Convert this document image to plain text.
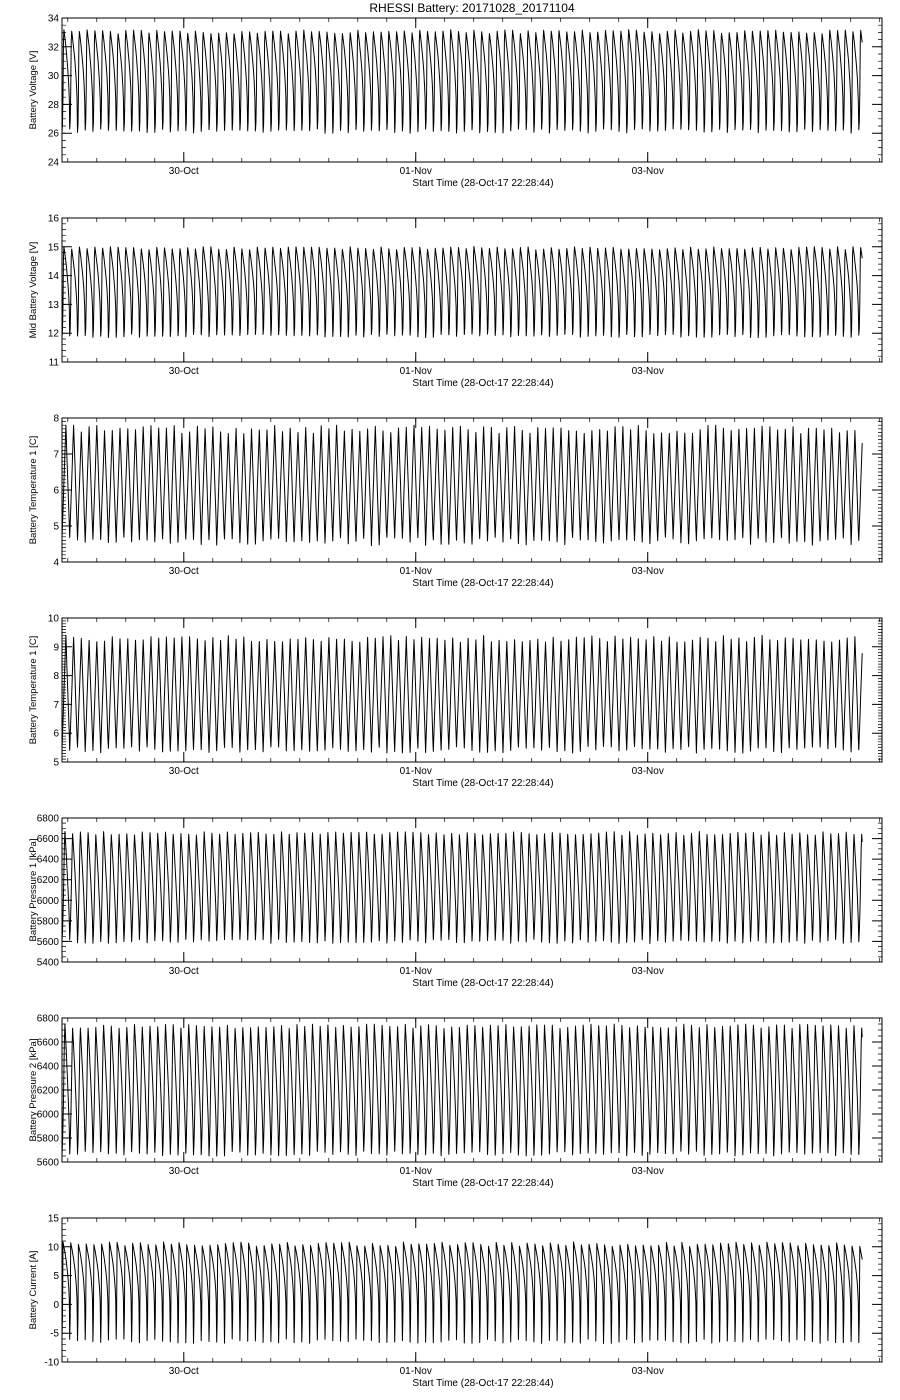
RHESSI Battery: 20171028_20171104
24
26
28
30
32
34
30-Oct	01-Nov	03-Nov
Start Time (28-Oct-17 22:28:44)
Battery Voltage [V]
11
12
13
14
15
16
30-Oct	01-Nov	03-Nov
Start Time (28-Oct-17 22:28:44)
Mid Battery Voltage [V]
4
5
6
7
8
30-Oct	01-Nov	03-Nov
Start Time (28-Oct-17 22:28:44)
Battery Temperature 1 [C]
5
6
7
8
9
10
30-Oct	01-Nov	03-Nov
Start Time (28-Oct-17 22:28:44)
Battery Temperature 1 [C]
5400
5600
5800
6000
6200
6400
6600
6800
30-Oct	01-Nov	03-Nov
Start Time (28-Oct-17 22:28:44)
Battery Pressure 1 [kPa]
5600
5800
6000
6200
6400
6600
6800
30-Oct	01-Nov	03-Nov
Start Time (28-Oct-17 22:28:44)
Battery Pressure 2 [kPa]
-10
-5
0
5
10
15
30-Oct	01-Nov	03-Nov
Start Time (28-Oct-17 22:28:44)
Battery Current [A]
